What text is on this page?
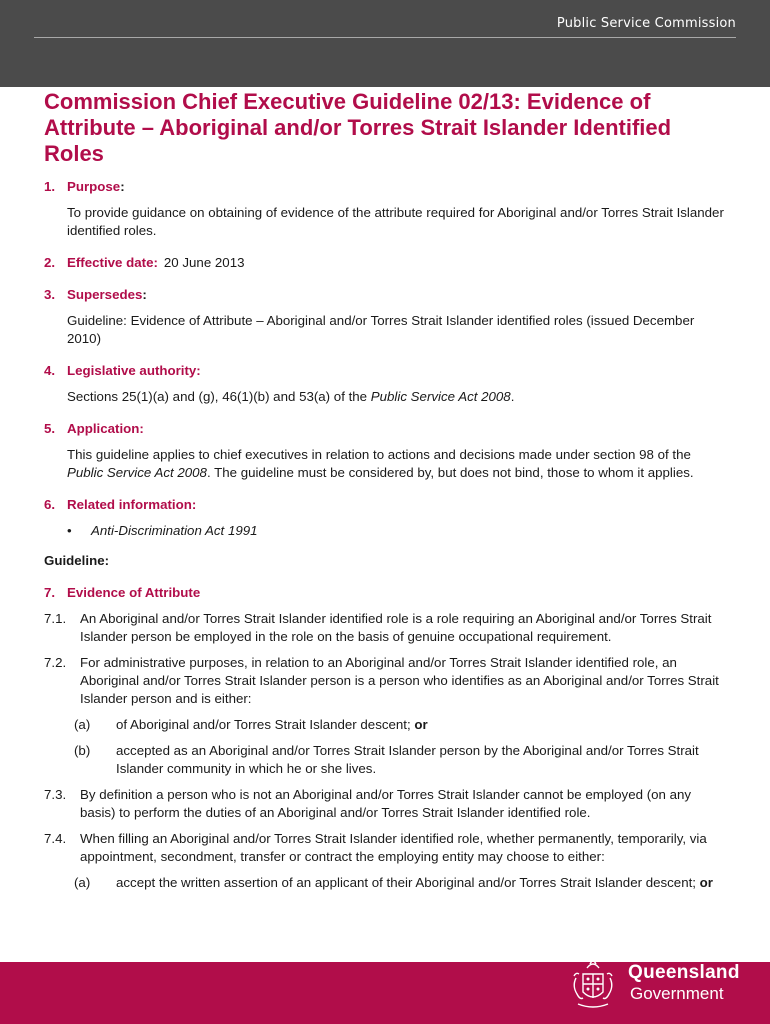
Public Service Commission
Commission Chief Executive Guideline 02/13: Evidence of Attribute – Aboriginal and/or Torres Strait Islander Identified Roles
1. Purpose :
To provide guidance on obtaining of evidence of the attribute required for Aboriginal and/or Torres Strait Islander identified roles.
2. Effective date: 20 June 2013
3. Supersedes :
Guideline: Evidence of Attribute – Aboriginal and/or Torres Strait Islander identified roles (issued December 2010)
4. Legislative authority:
Sections 25(1)(a) and (g), 46(1)(b) and 53(a) of the Public Service Act 2008.
5. Application:
This guideline applies to chief executives in relation to actions and decisions made under section 98 of the Public Service Act 2008. The guideline must be considered by, but does not bind, those to whom it applies.
6. Related information:
•	Anti-Discrimination Act 1991
Guideline:
7. Evidence of Attribute
7.1.	An Aboriginal and/or Torres Strait Islander identified role is a role requiring an Aboriginal and/or Torres Strait Islander person be employed in the role on the basis of genuine occupational requirement.
7.2.	For administrative purposes, in relation to an Aboriginal and/or Torres Strait Islander identified role, an Aboriginal and/or Torres Strait Islander person is a person who identifies as an Aboriginal and/or Torres Strait Islander person and is either:
(a)	of Aboriginal and/or Torres Strait Islander descent; or
(b)	accepted as an Aboriginal and/or Torres Strait Islander person by the Aboriginal and/or Torres Strait Islander community in which he or she lives.
7.3.	By definition a person who is not an Aboriginal and/or Torres Strait Islander cannot be employed (on any basis) to perform the duties of an Aboriginal and/or Torres Strait Islander identified role.
7.4.	When filling an Aboriginal and/or Torres Strait Islander identified role, whether permanently, temporarily, via appointment, secondment, transfer or contract the employing entity may choose to either:
(a)	accept the written assertion of an applicant of their Aboriginal and/or Torres Strait Islander descent; or
Queensland
Government
